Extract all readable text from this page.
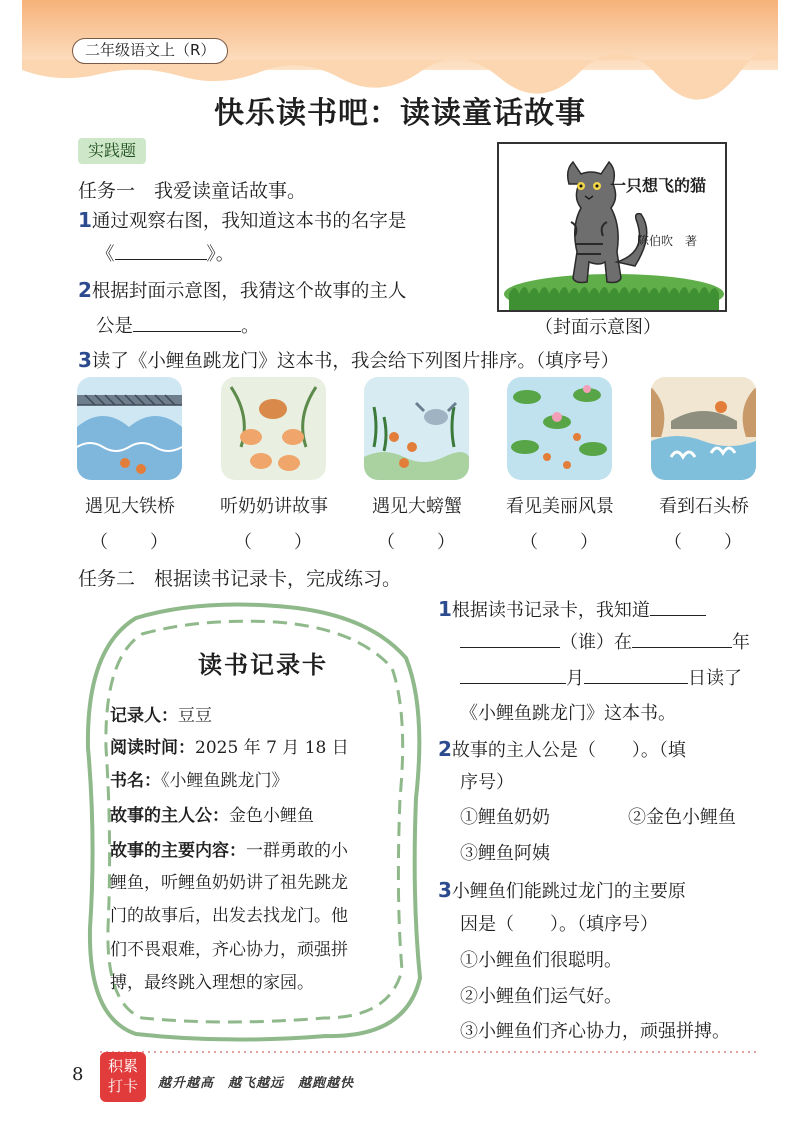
二年级语文上（R）
快乐读书吧：读读童话故事
实践题
任务一　我爱读童话故事。
1通过观察右图，我知道这本书的名字是
《	》。
2根据封面示意图，我猜这个故事的主人
公是	。
一只想飞的猫
陈伯吹　著
（封面示意图）
3读了《小鲤鱼跳龙门》这本书，我会给下列图片排序。（填序号）
遇见大铁桥	听奶奶讲故事	遇见大螃蟹	看见美丽风景	看到石头桥
（　　）	（　　）	（　　）	（　　）	（　　）
任务二　根据读书记录卡，完成练习。
读书记录卡
记录人：豆豆
阅读时间：2025 年 7 月 18 日
书名：《小鲤鱼跳龙门》
故事的主人公：金色小鲤鱼
故事的主要内容：一群勇敢的小
鲤鱼，听鲤鱼奶奶讲了祖先跳龙
门的故事后，出发去找龙门。他
们不畏艰难，齐心协力，顽强拼
搏，最终跳入理想的家园。
1根据读书记录卡，我知道
（谁）在	年
月	日读了
《小鲤鱼跳龙门》这本书。
2故事的主人公是（　　）。（填
序号）
①鲤鱼奶奶	②金色小鲤鱼
③鲤鱼阿姨
3小鲤鱼们能跳过龙门的主要原
因是（　　）。（填序号）
①小鲤鱼们很聪明。
②小鲤鱼们运气好。
③小鲤鱼们齐心协力，顽强拼搏。
8	积累
打卡	越升越高　越飞越远　越跑越快
